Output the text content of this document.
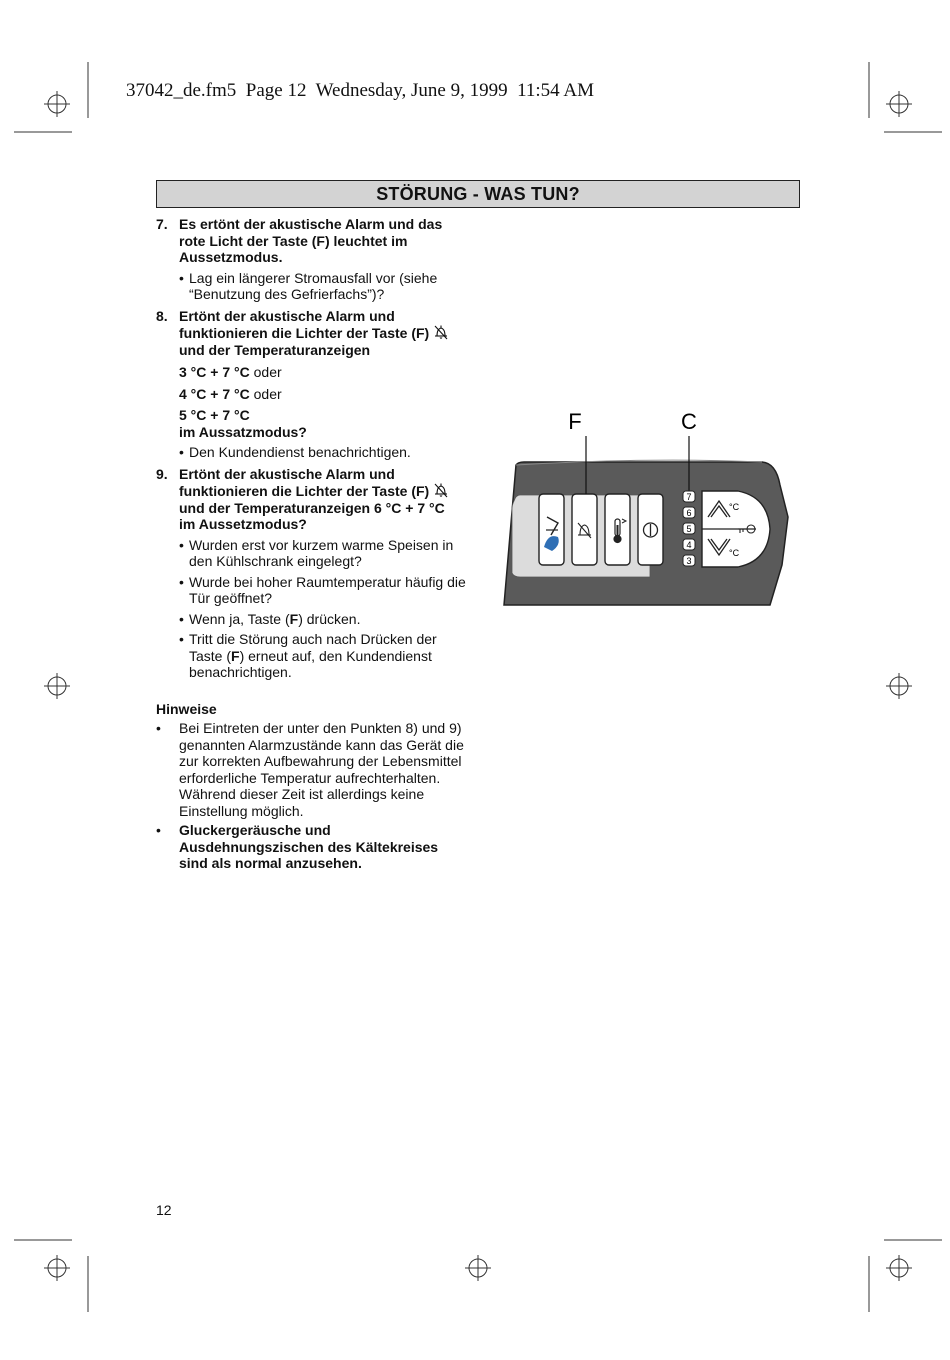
37042_de.fm5  Page 12  Wednesday, June 9, 1999  11:54 AM
STÖRUNG - WAS TUN?
7. Es ertönt der akustische Alarm und das rote Licht der Taste (F) leuchtet im Aussetzmodus.
• Lag ein längerer Stromausfall vor (siehe “Benutzung des Gefrierfachs”)?
8. Ertönt der akustische Alarm und
funktionieren die Lichter der Taste (F)
und der Temperaturanzeigen
3 °C + 7 °C oder
4 °C + 7 °C oder
5 °C + 7 °C
im Aussatzmodus?
• Den Kundendienst benachrichtigen.
9. Ertönt der akustische Alarm und
funktionieren die Lichter der Taste (F)
und der Temperaturanzeigen 6 °C + 7 °C
im Aussetzmodus?
• Wurden erst vor kurzem warme Speisen in den Kühlschrank eingelegt?
• Wurde bei hoher Raumtemperatur häufig die Tür geöffnet?
• Wenn ja, Taste (F) drücken.
• Tritt die Störung auch nach Drücken der Taste (F) erneut auf, den Kundendienst benachrichtigen.
Hinweise
•	Bei Eintreten der unter den Punkten 8) und 9) genannten Alarmzustände kann das Gerät die zur korrekten Aufbewahrung der Lebensmittel erforderliche Temperatur aufrechterhalten.
Während dieser Zeit ist allerdings keine Einstellung möglich.
•	Gluckergeräusche und Ausdehnungszischen des Kältekreises sind als normal anzusehen.
F	C
7
6
5
4
3
°C
°C
12
